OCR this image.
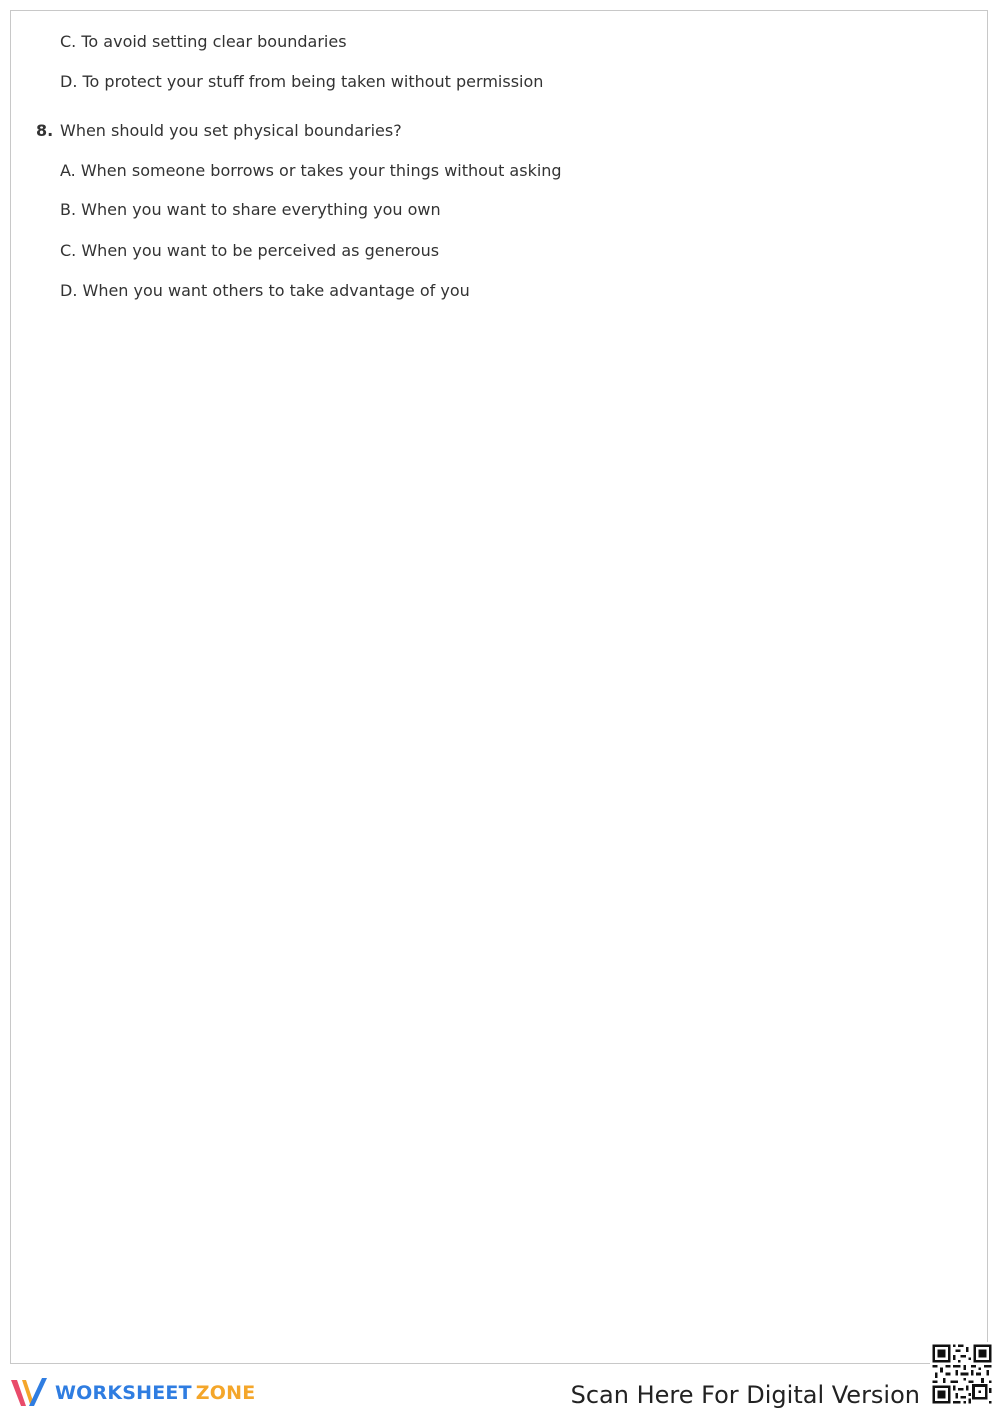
C. To avoid setting clear boundaries
D. To protect your stuff from being taken without permission
8. When should you set physical boundaries?
A. When someone borrows or takes your things without asking
B. When you want to share everything you own
C. When you want to be perceived as generous
D. When you want others to take advantage of you
WORKSHEET ZONE	Scan Here For Digital Version
